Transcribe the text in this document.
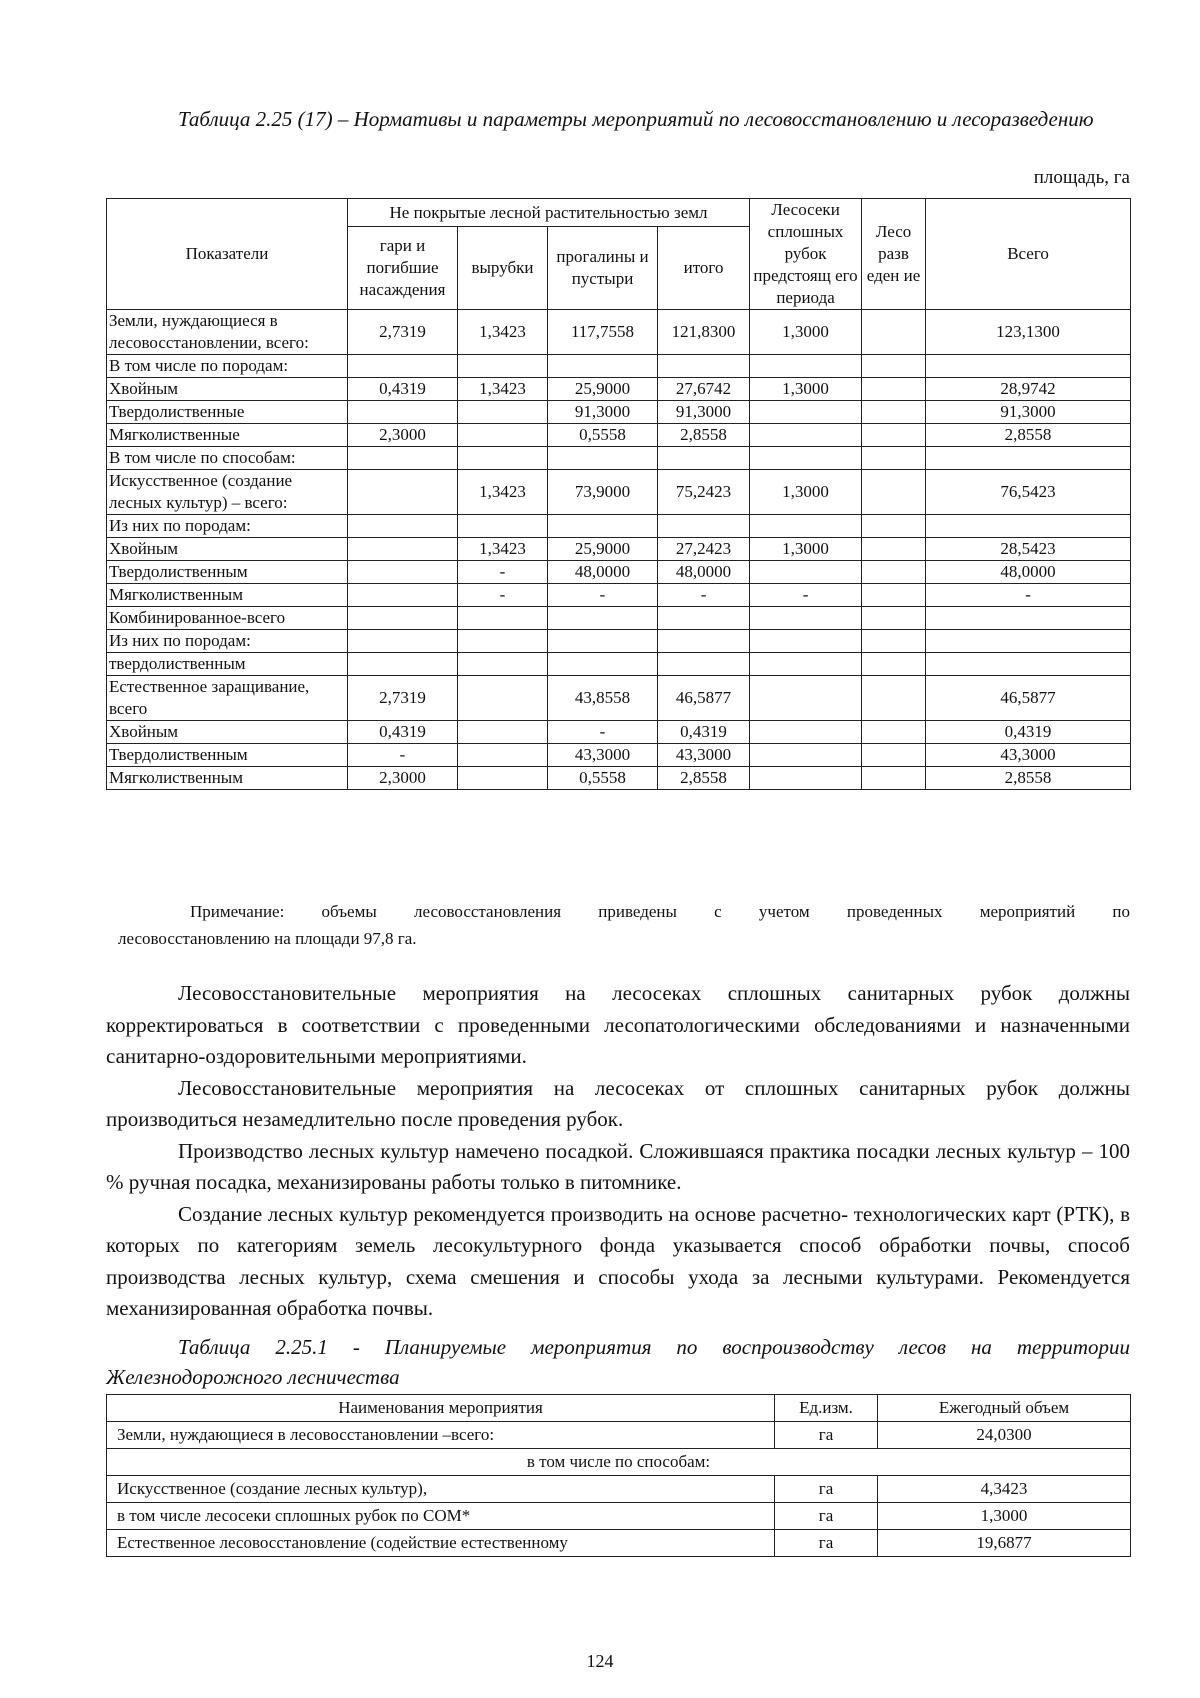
Таблица 2.25 (17) – Нормативы и параметры мероприятий по лесовосстановлению и лесоразведению
площадь, га
Показатели	Не покрытые лесной растительностью земл				Лесосеки сплошных рубок предстоящ его периода	Лесо разв еден ие	Всего
	гари и погибшие насаждения	вырубки	прогалины и пустыри	итого			
Земли, нуждающиеся в лесовосстановлении, всего:	2,7319	1,3423	117,7558	121,8300	1,3000		123,1300
В том числе по породам:							
Хвойным	0,4319	1,3423	25,9000	27,6742	1,3000		28,9742
Твердолиственные			91,3000	91,3000			91,3000
Мягколиственные	2,3000		0,5558	2,8558			2,8558
В том числе по способам:							
Искусственное (создание лесных культур) – всего:		1,3423	73,9000	75,2423	1,3000		76,5423
Из них по породам:							
Хвойным		1,3423	25,9000	27,2423	1,3000		28,5423
Твердолиственным		-	48,0000	48,0000			48,0000
Мягколиственным		-	-	-	-		-
Комбинированное-всего							
Из них по породам:							
твердолиственным							
Естественное заращивание, всего	2,7319		43,8558	46,5877			46,5877
Хвойным	0,4319		-	0,4319			0,4319
Твердолиственным	-		43,3000	43,3000			43,3000
Мягколиственным	2,3000		0,5558	2,8558			2,8558
Примечание: объемы лесовосстановления приведены с учетом проведенных мероприятий по
лесовосстановлению на площади 97,8 га.

Лесовосстановительные мероприятия на лесосеках сплошных санитарных рубок должны корректироваться в соответствии с проведенными лесопатологическими обследованиями и назначенными санитарно-оздоровительными мероприятиями.

Лесовосстановительные мероприятия на лесосеках от сплошных санитарных рубок должны производиться незамедлительно после проведения рубок.

Производство лесных культур намечено посадкой. Сложившаяся практика посадки лесных культур – 100 % ручная посадка, механизированы работы только в питомнике.

Создание лесных культур рекомендуется производить на основе расчетно- технологических карт (РТК), в которых по категориям земель лесокультурного фонда указывается способ обработки почвы, способ производства лесных культур, схема смешения и способы ухода за лесными культурами. Рекомендуется механизированная обработка почвы.

Таблица 2.25.1 - Планируемые мероприятия по воспроизводству лесов на территории Железнодорожного лесничества
Наименования мероприятия	Ед.изм.	Ежегодный объем
Земли, нуждающиеся в лесовосстановлении –всего:	га	24,0300
в том числе по способам:		
Искусственное (создание лесных культур),	га	4,3423
в том числе лесосеки сплошных рубок по СОМ*	га	1,3000
Естественное лесовосстановление (содействие естественному	га	19,6877
124
